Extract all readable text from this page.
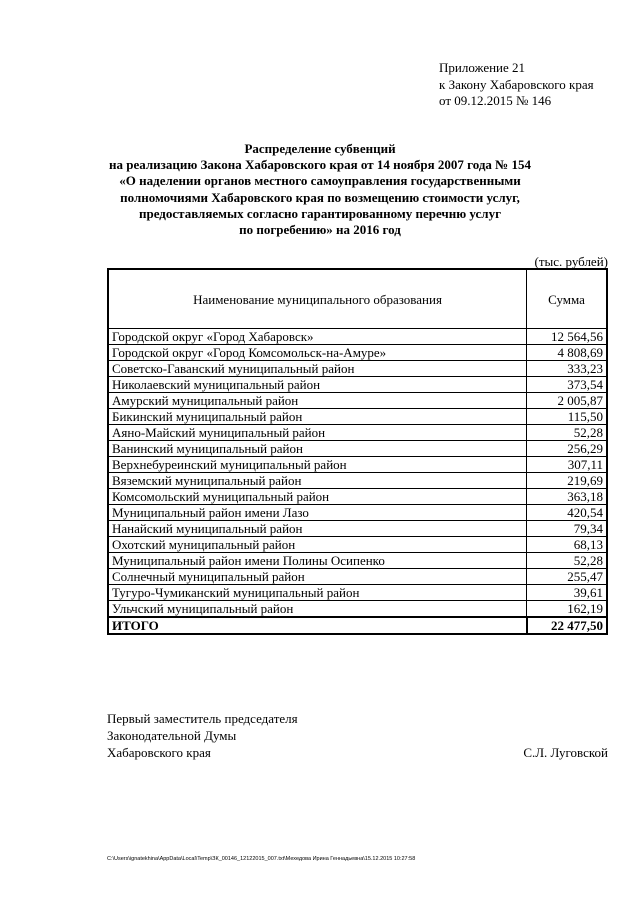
Приложение 21
к Закону Хабаровского края
от 09.12.2015 № 146
Распределение субвенций
на реализацию Закона Хабаровского края от 14 ноября 2007 года № 154
«О наделении органов местного самоуправления государственными
полномочиями Хабаровского края по возмещению стоимости услуг,
предоставляемых согласно гарантированному перечню услуг
по погребению» на 2016 год
(тыс. рублей)
Наименование муниципального образования	Сумма
Городской округ «Город Хабаровск»	12 564,56
Городской округ «Город Комсомольск-на-Амуре»	4 808,69
Советско-Гаванский муниципальный район	333,23
Николаевский муниципальный район	373,54
Амурский муниципальный район	2 005,87
Бикинский муниципальный район	115,50
Аяно-Майский муниципальный район	52,28
Ванинский муниципальный район	256,29
Верхнебуреинский муниципальный район	307,11
Вяземский муниципальный район	219,69
Комсомольский муниципальный район	363,18
Муниципальный район имени Лазо	420,54
Нанайский муниципальный район	79,34
Охотский муниципальный район	68,13
Муниципальный район имени Полины Осипенко	52,28
Солнечный муниципальный район	255,47
Тугуро-Чумиканский муниципальный район	39,61
Ульчский муниципальный район	162,19
ИТОГО	22 477,50
Первый заместитель председателя
Законодательной Думы
Хабаровского края	С.Л. Луговской
C:\Users\ignatekhina\AppData\Local\Temp\ЗК_00146_12122015_007.txt\Мехедова Ирина Геннадьевна\15.12.2015 10:27:58
